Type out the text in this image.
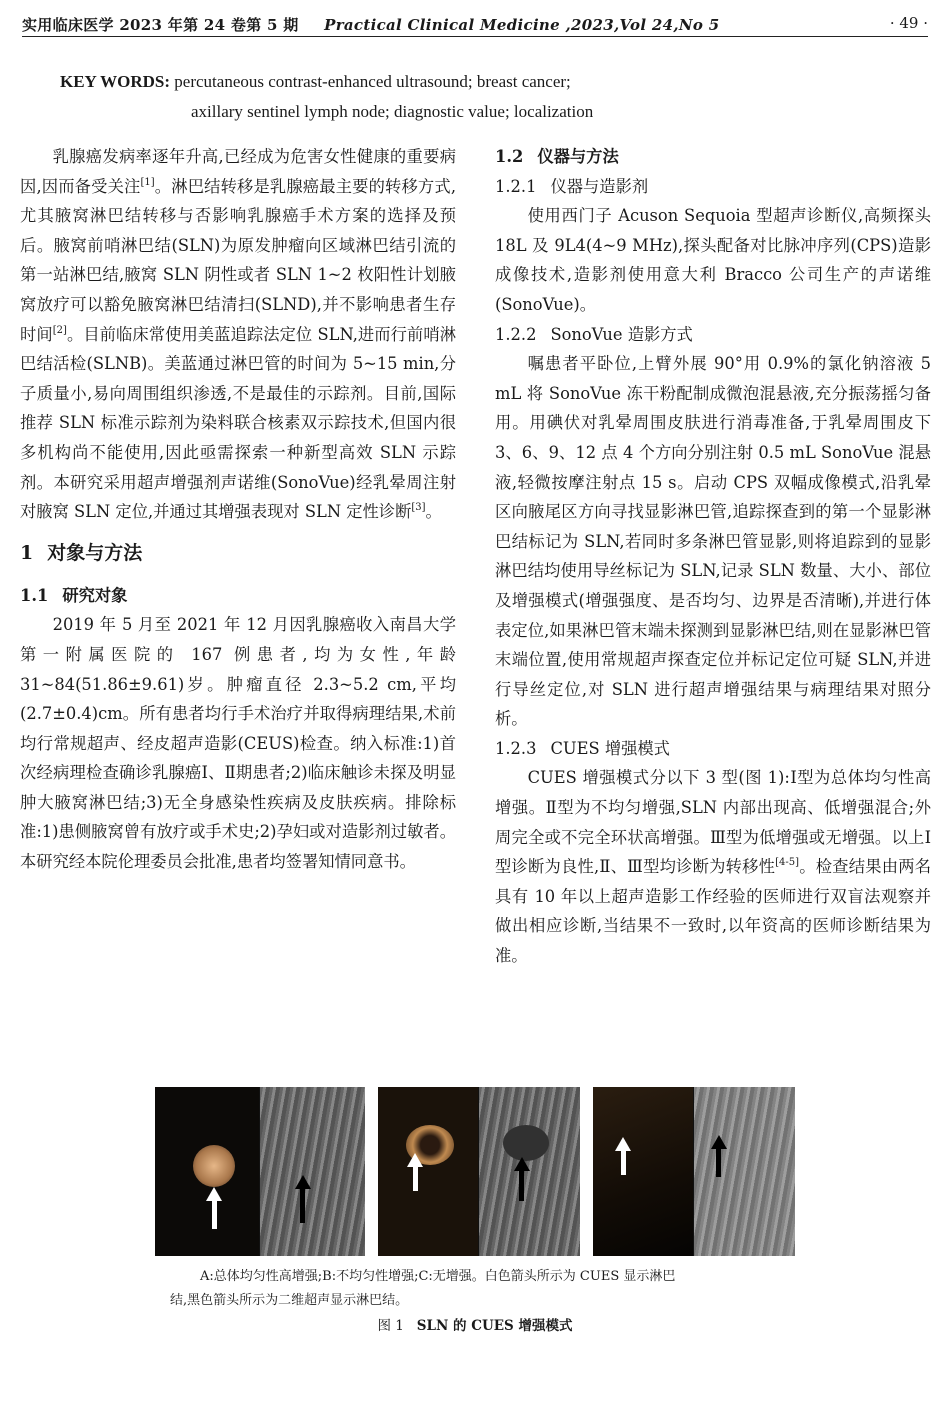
实用临床医学 2023 年第 24 卷第 5 期 Practical Clinical Medicine ,2023,Vol 24,No 5	· 49 ·
KEY WORDS: percutaneous contrast-enhanced ultrasound; breast cancer;
axillary sentinel lymph node; diagnostic value; localization

乳腺癌发病率逐年升高,已经成为危害女性健康的重要病因,因而备受关注[1]。淋巴结转移是乳腺癌最主要的转移方式,尤其腋窝淋巴结转移与否影响乳腺癌手术方案的选择及预后。腋窝前哨淋巴结(SLN)为原发肿瘤向区域淋巴结引流的第一站淋巴结,腋窝 SLN 阴性或者 SLN 1~2 枚阳性计划腋窝放疗可以豁免腋窝淋巴结清扫(SLND),并不影响患者生存时间[2]。目前临床常使用美蓝追踪法定位 SLN,进而行前哨淋巴结活检(SLNB)。美蓝通过淋巴管的时间为 5~15 min,分子质量小,易向周围组织渗透,不是最佳的示踪剂。目前,国际推荐 SLN 标准示踪剂为染料联合核素双示踪技术,但国内很多机构尚不能使用,因此亟需探索一种新型高效 SLN 示踪剂。本研究采用超声增强剂声诺维(SonoVue)经乳晕周注射对腋窝 SLN 定位,并通过其增强表现对 SLN 定性诊断[3]。

1 对象与方法
1.1 研究对象

2019 年 5 月至 2021 年 12 月因乳腺癌收入南昌大学第一附属医院的 167 例患者,均为女性,年龄 31~84(51.86±9.61)岁。肿瘤直径 2.3~5.2 cm,平均(2.7±0.4)cm。所有患者均行手术治疗并取得病理结果,术前均行常规超声、经皮超声造影(CEUS)检查。纳入标准:1)首次经病理检查确诊乳腺癌Ⅰ、Ⅱ期患者;2)临床触诊未探及明显肿大腋窝淋巴结;3)无全身感染性疾病及皮肤疾病。排除标准:1)患侧腋窝曾有放疗或手术史;2)孕妇或对造影剂过敏者。本研究经本院伦理委员会批准,患者均签署知情同意书。

1.2 仪器与方法
1.2.1 仪器与造影剂

使用西门子 Acuson Sequoia 型超声诊断仪,高频探头 18L 及 9L4(4~9 MHz),探头配备对比脉冲序列(CPS)造影成像技术,造影剂使用意大利 Bracco 公司生产的声诺维(SonoVue)。

1.2.2 SonoVue 造影方式

嘱患者平卧位,上臂外展 90°用 0.9%的氯化钠溶液 5 mL 将 SonoVue 冻干粉配制成微泡混悬液,充分振荡摇匀备用。用碘伏对乳晕周围皮肤进行消毒准备,于乳晕周围皮下 3、6、9、12 点 4 个方向分别注射 0.5 mL SonoVue 混悬液,轻微按摩注射点 15 s。启动 CPS 双幅成像模式,沿乳晕区向腋尾区方向寻找显影淋巴管,追踪探查到的第一个显影淋巴结标记为 SLN,若同时多条淋巴管显影,则将追踪到的显影淋巴结均使用导丝标记为 SLN,记录 SLN 数量、大小、部位及增强模式(增强强度、是否均匀、边界是否清晰),并进行体表定位,如果淋巴管末端未探测到显影淋巴结,则在显影淋巴管末端位置,使用常规超声探查定位并标记定位可疑 SLN,并进行导丝定位,对 SLN 进行超声增强结果与病理结果对照分析。

1.2.3 CUES 增强模式

CUES 增强模式分以下 3 型(图 1):Ⅰ型为总体均匀性高增强。Ⅱ型为不均匀增强,SLN 内部出现高、低增强混合;外周完全或不完全环状高增强。Ⅲ型为低增强或无增强。以上Ⅰ型诊断为良性,Ⅱ、Ⅲ型均诊断为转移性[4-5]。检查结果由两名具有 10 年以上超声造影工作经验的医师进行双盲法观察并做出相应诊断,当结果不一致时,以年资高的医师诊断结果为准。

A:总体均匀性高增强;B:不均匀性增强;C:无增强。白色箭头所示为 CUES 显示淋巴
结,黑色箭头所示为二维超声显示淋巴结。
图 1 SLN 的 CUES 增强模式
